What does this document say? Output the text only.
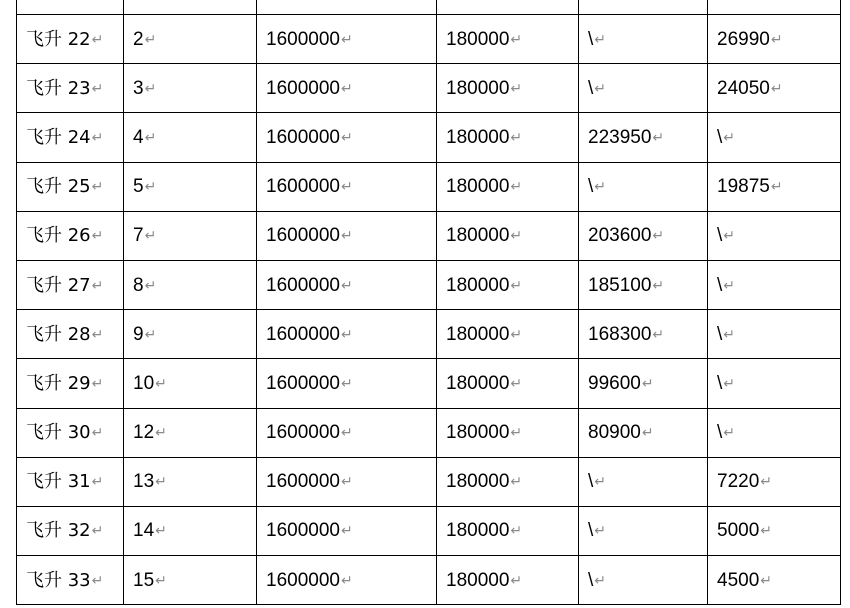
飞升 22↵	2↵	1600000↵	180000↵	\↵	26990↵
飞升 23↵	3↵	1600000↵	180000↵	\↵	24050↵
飞升 24↵	4↵	1600000↵	180000↵	223950↵	\↵
飞升 25↵	5↵	1600000↵	180000↵	\↵	19875↵
飞升 26↵	7↵	1600000↵	180000↵	203600↵	\↵
飞升 27↵	8↵	1600000↵	180000↵	185100↵	\↵
飞升 28↵	9↵	1600000↵	180000↵	168300↵	\↵
飞升 29↵	10↵	1600000↵	180000↵	99600↵	\↵
飞升 30↵	12↵	1600000↵	180000↵	80900↵	\↵
飞升 31↵	13↵	1600000↵	180000↵	\↵	7220↵
飞升 32↵	14↵	1600000↵	180000↵	\↵	5000↵
飞升 33↵	15↵	1600000↵	180000↵	\↵	4500↵
